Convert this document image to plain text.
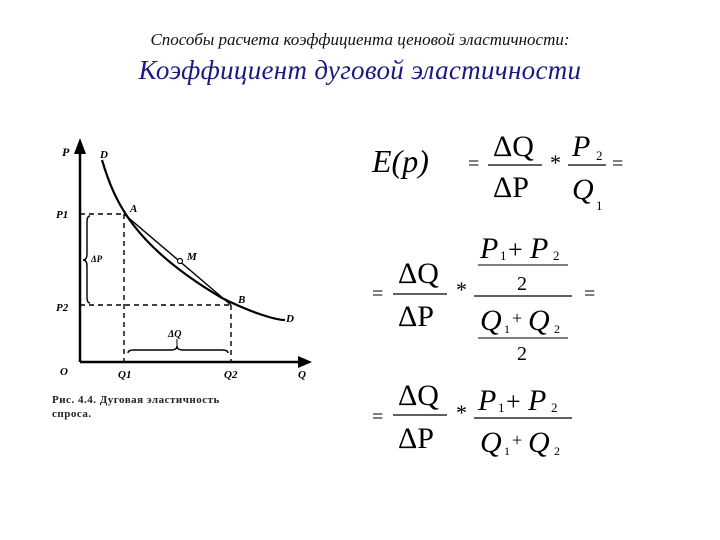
Способы расчета коэффициента ценовой эластичности:
Коэффициент дуговой эластичности
P	D
P1	A
ΔP	M
P2
B
D
ΔQ
O	Q1	Q2	Q
Рис. 4.4. Дуговая эластичность
спроса.
E(p) =
ΔQ
ΔP
* P 2
Q 1
=
=
ΔQ
ΔP
*
P 1 + P 2
2
Q 1
+ Q 2
2
=
=
ΔQ
ΔP
* P 1 + P 2
Q 1
+ Q 2
